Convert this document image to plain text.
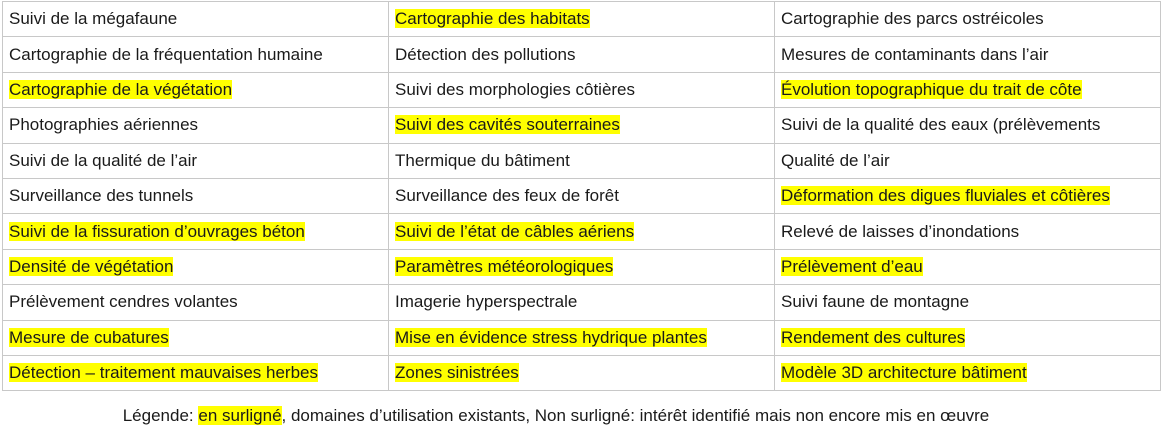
Suivi de la mégafaune	Cartographie des habitats	Cartographie des parcs ostréicoles
Cartographie de la fréquentation humaine	Détection des pollutions	Mesures de contaminants dans l’air
Cartographie de la végétation	Suivi des morphologies côtières	Évolution topographique du trait de côte
Photographies aériennes	Suivi des cavités souterraines	Suivi de la qualité des eaux (prélèvements
Suivi de la qualité de l’air	Thermique du bâtiment	Qualité de l’air
Surveillance des tunnels	Surveillance des feux de forêt	Déformation des digues fluviales et côtières
Suivi de la fissuration d’ouvrages béton	Suivi de l’état de câbles aériens	Relevé de laisses d’inondations
Densité de végétation	Paramètres météorologiques	Prélèvement d’eau
Prélèvement cendres volantes	Imagerie hyperspectrale	Suivi faune de montagne
Mesure de cubatures	Mise en évidence stress hydrique plantes	Rendement des cultures
Détection – traitement mauvaises herbes	Zones sinistrées	Modèle 3D architecture bâtiment
Légende: en surligné, domaines d’utilisation existants, Non surligné: intérêt identifié mais non encore mis en œuvre
